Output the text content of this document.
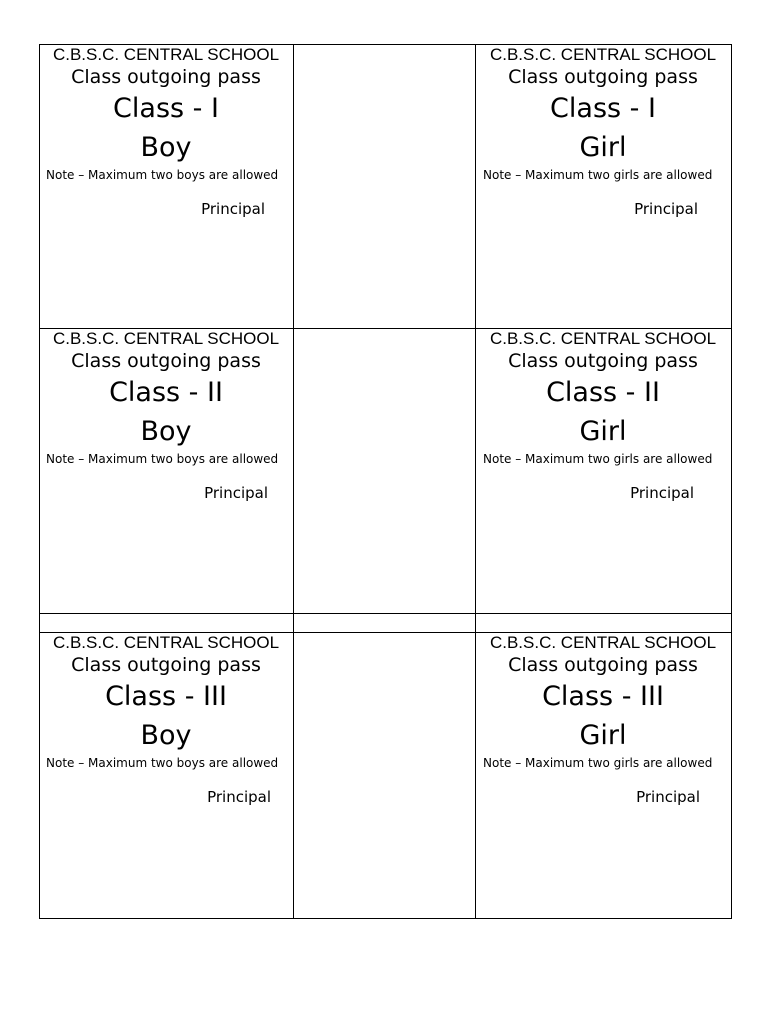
C.B.S.C. CENTRAL SCHOOL
Class outgoing pass
Class - I
Boy
Note – Maximum two boys are allowed
Principal
C.B.S.C. CENTRAL SCHOOL
Class outgoing pass
Class - I
Girl
Note – Maximum two girls are allowed
Principal
C.B.S.C. CENTRAL SCHOOL
Class outgoing pass
Class - II
Boy
Note – Maximum two boys are allowed
Principal
C.B.S.C. CENTRAL SCHOOL
Class outgoing pass
Class - II
Girl
Note – Maximum two girls are allowed
Principal
C.B.S.C. CENTRAL SCHOOL
Class outgoing pass
Class - III
Boy
Note – Maximum two boys are allowed
Principal
C.B.S.C. CENTRAL SCHOOL
Class outgoing pass
Class - III
Girl
Note – Maximum two girls are allowed
Principal
